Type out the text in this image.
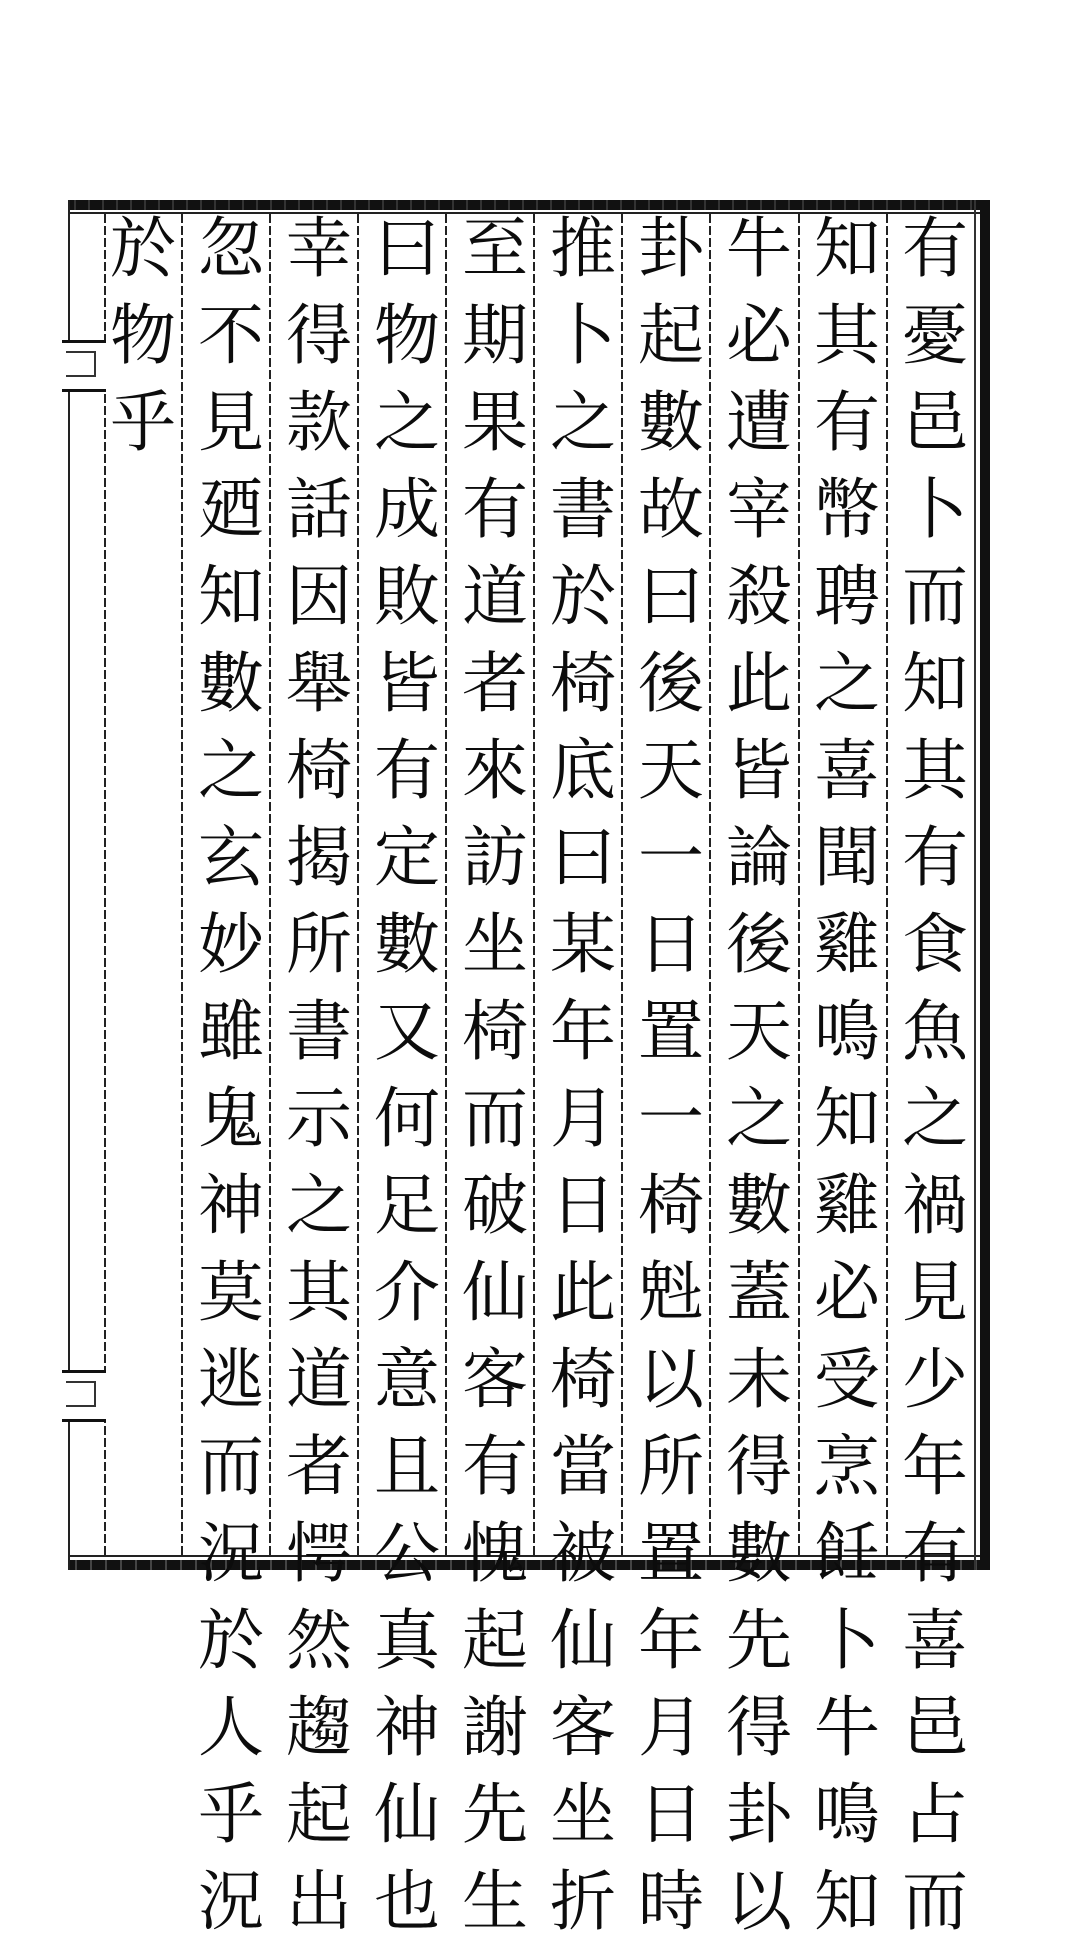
有
憂
邑
卜
而
知
其
有
食
魚
之
禍
見
少
年
有
喜
邑
占
而
知
其
有
幣
聘
之
喜
聞
雞
鳴
知
雞
必
受
烹
飪
卜
牛
鳴
知
牛
必
遭
宰
殺
此
皆
論
後
天
之
數
蓋
未
得
數
先
得
卦
以
卦
起
數
故
曰
後
天
一
日
置
一
椅
𣁽
以
所
置
年
月
日
時
推
卜
之
書
於
椅
底
曰
某
年
月
日
此
椅
當
被
仙
客
坐
折
至
期
果
有
道
者
來
訪
坐
椅
而
破
仙
客
有
愧
起
謝
先
生
曰
物
之
成
敗
皆
有
定
數
又
何
足
介
意
且
公
真
神
仙
也
幸
得
款
話
因
舉
椅
揭
所
書
示
之
其
道
者
愕
然
趨
起
出
忽
不
見
廼
知
數
之
玄
妙
雖
鬼
神
莫
逃
而
況
於
人
乎
況
於
物
乎
